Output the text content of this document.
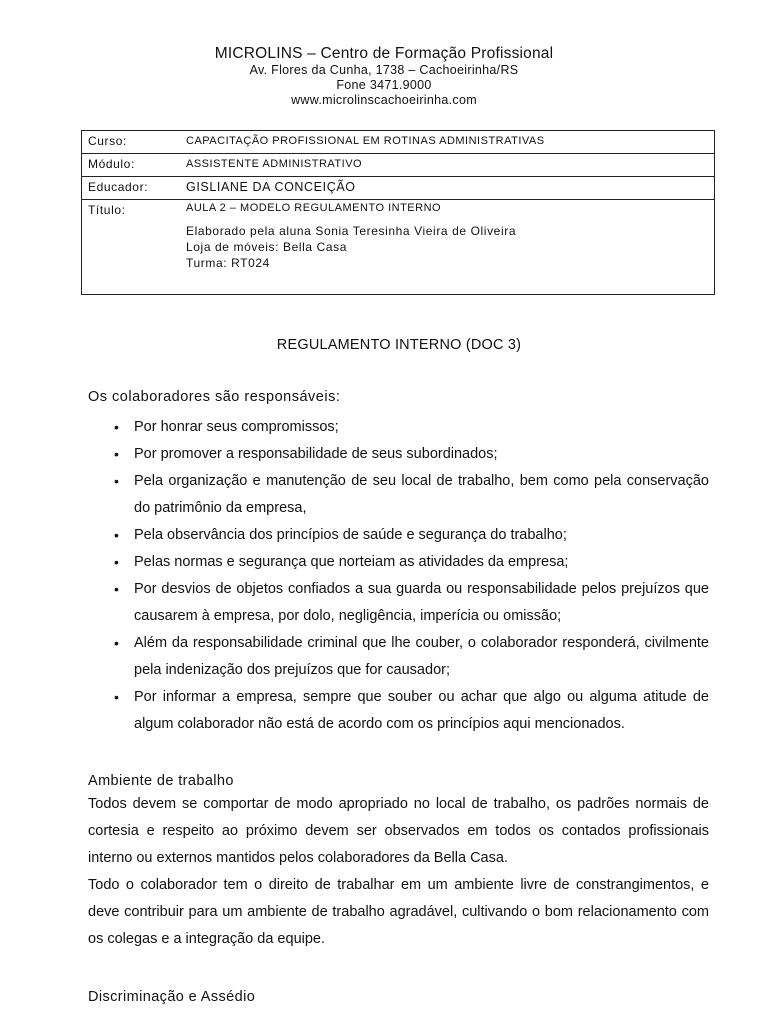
MICROLINS – Centro de Formação Profissional
Av. Flores da Cunha, 1738 – Cachoeirinha/RS
Fone 3471.9000
www.microlinscachoeirinha.com
Curso:	CAPACITAÇÃO PROFISSIONAL EM ROTINAS ADMINISTRATIVAS
Módulo:	ASSISTENTE ADMINISTRATIVO
Educador:	GISLIANE DA CONCEIÇÃO
Título:	AULA 2 – MODELO REGULAMENTO INTERNO
Elaborado pela aluna Sonia Teresinha Vieira de Oliveira
Loja de móveis: Bella Casa
Turma: RT024
REGULAMENTO INTERNO (DOC 3)
Os colaboradores são responsáveis:
• Por honrar seus compromissos;
• Por promover a responsabilidade de seus subordinados;
• Pela organização e manutenção de seu local de trabalho, bem como pela conservação do patrimônio da empresa,
• Pela observância dos princípios de saúde e segurança do trabalho;
• Pelas normas e segurança que norteiam as atividades da empresa;
• Por desvios de objetos confiados a sua guarda ou responsabilidade pelos prejuízos que causarem à empresa, por dolo, negligência, imperícia ou omissão;
• Além da responsabilidade criminal que lhe couber, o colaborador responderá, civilmente pela indenização dos prejuízos que for causador;
• Por informar a empresa, sempre que souber ou achar que algo ou alguma atitude de algum colaborador não está de acordo com os princípios aqui mencionados.
Ambiente de trabalho

Todos devem se comportar de modo apropriado no local de trabalho, os padrões normais de cortesia e respeito ao próximo devem ser observados em todos os contados profissionais interno ou externos mantidos pelos colaboradores da Bella Casa.

Todo o colaborador tem o direito de trabalhar em um ambiente livre de constrangimentos, e deve contribuir para um ambiente de trabalho agradável, cultivando o bom relacionamento com os colegas e a integração da equipe.

Discriminação e Assédio
